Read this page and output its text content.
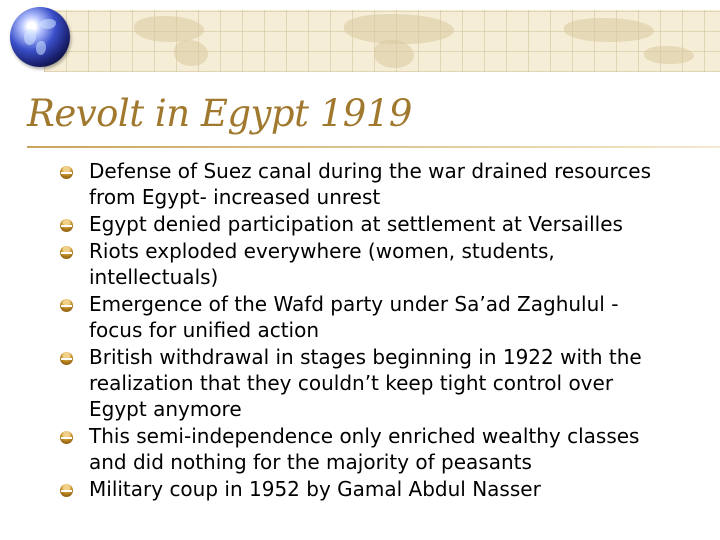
Revolt in Egypt 1919
Defense of Suez canal during the war drained resources from Egypt- increased unrest
Egypt denied participation at settlement at Versailles
Riots exploded everywhere (women, students, intellectuals)
Emergence of the Wafd party under Sa’ad Zaghulul - focus for unified action
British withdrawal in stages beginning in 1922 with the realization that they couldn’t keep tight control over Egypt anymore
This semi-independence only enriched wealthy classes and did nothing for the majority of peasants
Military coup in 1952 by Gamal Abdul Nasser
